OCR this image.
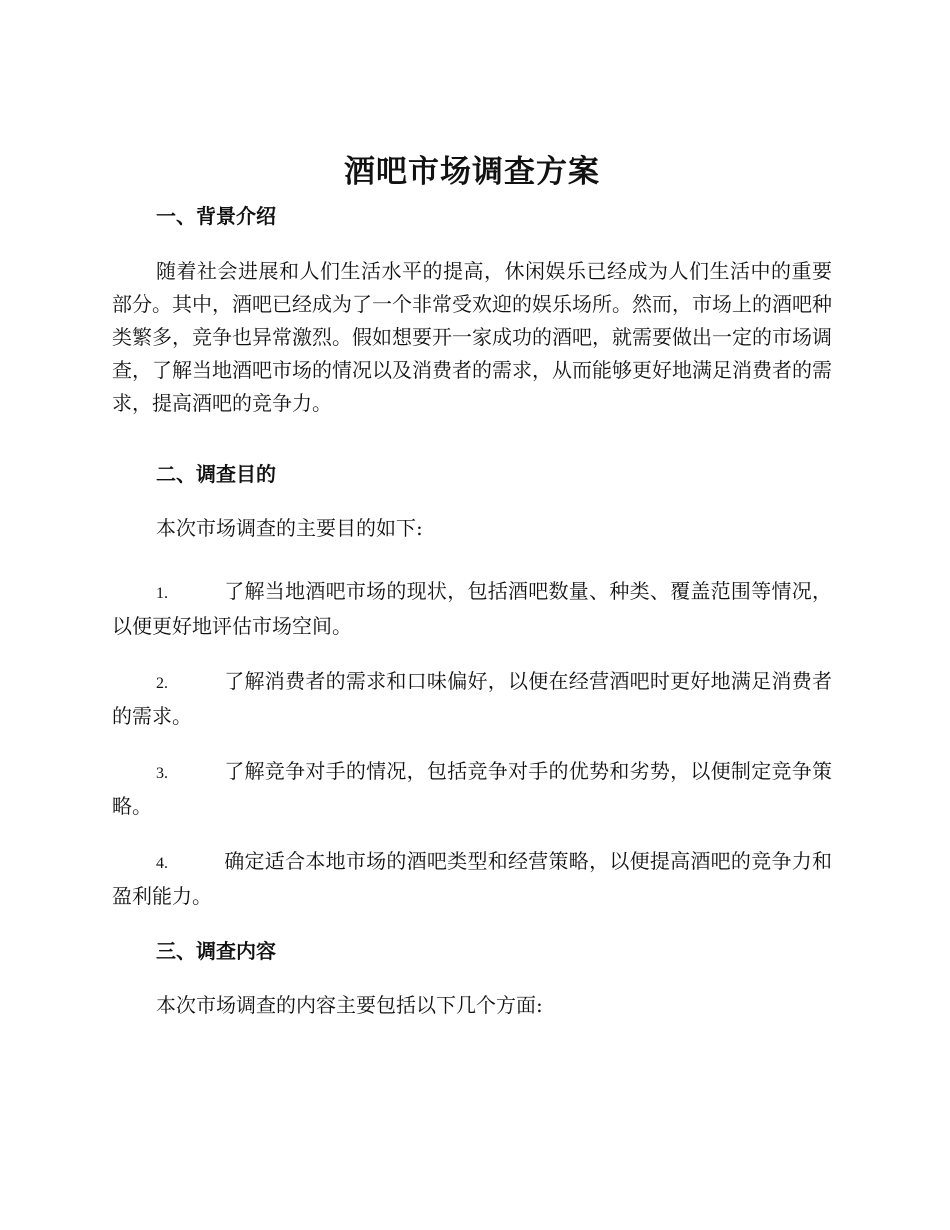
酒吧市场调查方案
一、背景介绍

随着社会进展和人们生活水平的提高，休闲娱乐已经成为人们生活中的重要部分。其中，酒吧已经成为了一个非常受欢迎的娱乐场所。然而，市场上的酒吧种类繁多，竞争也异常激烈。假如想要开一家成功的酒吧，就需要做出一定的市场调查，了解当地酒吧市场的情况以及消费者的需求，从而能够更好地满足消费者的需求，提高酒吧的竞争力。

二、调查目的

本次市场调查的主要目的如下:

1.	了解当地酒吧市场的现状，包括酒吧数量、种类、覆盖范围等情况，以便更好地评估市场空间。

2.	了解消费者的需求和口味偏好，以便在经营酒吧时更好地满足消费者的需求。

3.	了解竞争对手的情况，包括竞争对手的优势和劣势，以便制定竞争策略。

4.	确定适合本地市场的酒吧类型和经营策略，以便提高酒吧的竞争力和盈利能力。

三、调查内容

本次市场调查的内容主要包括以下几个方面:
